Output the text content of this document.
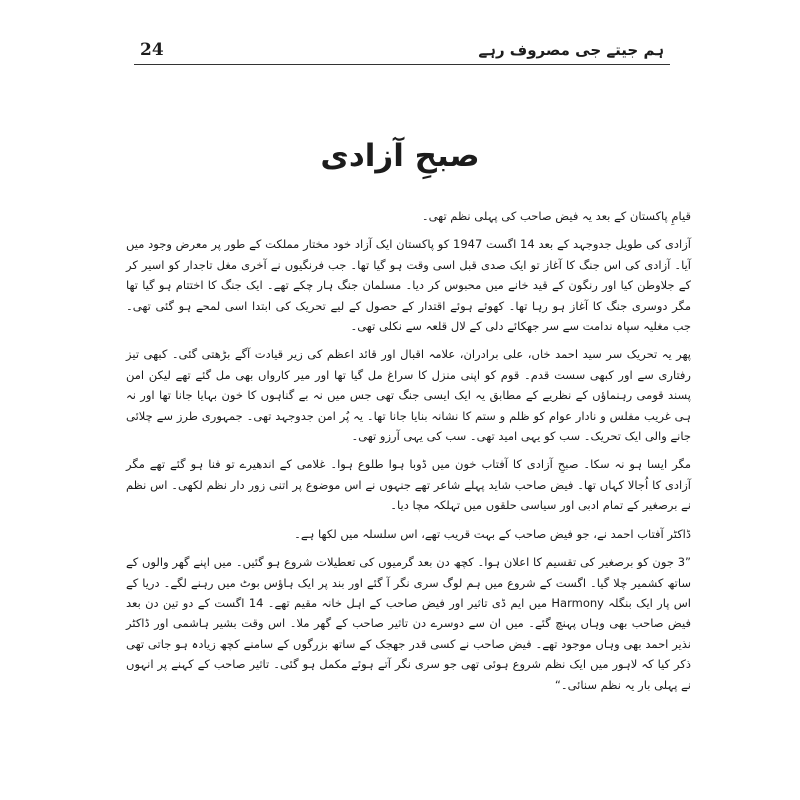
24	ہم جیتے جی مصروف رہے
صبحِ آزادی

قیامِ پاکستان کے بعد یہ فیض صاحب کی پہلی نظم تھی۔

آزادی کی طویل جدوجہد کے بعد 14 اگست 1947 کو پاکستان ایک آزاد خود مختار مملکت کے طور پر معرض وجود میں آیا۔ آزادی کی اس جنگ کا آغاز تو ایک صدی قبل اسی وقت ہو گیا تھا۔ جب فرنگیوں نے آخری مغل تاجدار کو اسیر کر کے جلاوطن کیا اور رنگون کے قید خانے میں محبوس کر دیا۔ مسلمان جنگ ہار چکے تھے۔ ایک جنگ کا اختتام ہو گیا تھا مگر دوسری جنگ کا آغاز ہو رہا تھا۔ کھوئے ہوئے اقتدار کے حصول کے لیے تحریک کی ابتدا اسی لمحے ہو گئی تھی۔ جب مغلیہ سپاہ ندامت سے سر جھکائے دلی کے لال قلعہ سے نکلی تھی۔

پھر یہ تحریک سر سید احمد خاں، علی برادران، علامہ اقبال اور قائد اعظم کی زیر قیادت آگے بڑھتی گئی۔ کبھی تیز رفتاری سے اور کبھی سست قدم۔ قوم کو اپنی منزل کا سراغ مل گیا تھا اور میر کارواں بھی مل گئے تھے لیکن امن پسند قومی رہنماؤں کے نظریے کے مطابق یہ ایک ایسی جنگ تھی جس میں نہ بے گناہوں کا خون بہایا جانا تھا اور نہ ہی غریب مفلس و نادار عوام کو ظلم و ستم کا نشانہ بنایا جانا تھا۔ یہ پُر امن جدوجہد تھی۔ جمہوری طرز سے چلائی جانے والی ایک تحریک۔ سب کو یہی امید تھی۔ سب کی یہی آرزو تھی۔

مگر ایسا ہو نہ سکا۔ صبحِ آزادی کا آفتاب خون میں ڈوبا ہوا طلوع ہوا۔ غلامی کے اندھیرے تو فنا ہو گئے تھے مگر آزادی کا اُجالا کہاں تھا۔ فیض صاحب شاید پہلے شاعر تھے جنہوں نے اس موضوع پر اتنی زور دار نظم لکھی۔ اس نظم نے برصغیر کے تمام ادبی اور سیاسی حلقوں میں تہلکہ مچا دیا۔

ڈاکٹر آفتاب احمد نے، جو فیض صاحب کے بہت قریب تھے، اس سلسلہ میں لکھا ہے۔

”3 جون کو برصغیر کی تقسیم کا اعلان ہوا۔ کچھ دن بعد گرمیوں کی تعطیلات شروع ہو گئیں۔ میں اپنے گھر والوں کے ساتھ کشمیر چلا گیا۔ اگست کے شروع میں ہم لوگ سری نگر آ گئے اور بند پر ایک ہاؤس بوٹ میں رہنے لگے۔ دریا کے اس پار ایک بنگلہ Harmony میں ایم ڈی تاثیر اور فیض صاحب کے اہل خانہ مقیم تھے۔ 14 اگست کے دو تین دن بعد فیض صاحب بھی وہاں پہنچ گئے۔ میں ان سے دوسرے دن تاثیر صاحب کے گھر ملا۔ اس وقت بشیر ہاشمی اور ڈاکٹر نذیر احمد بھی وہاں موجود تھے۔ فیض صاحب نے کسی قدر جھجک کے ساتھ بزرگوں کے سامنے کچھ زیادہ ہو جاتی تھی ذکر کیا کہ لاہور میں ایک نظم شروع ہوئی تھی جو سری نگر آتے ہوئے مکمل ہو گئی۔ تاثیر صاحب کے کہنے پر انہوں نے پہلی بار یہ نظم سنائی۔“
